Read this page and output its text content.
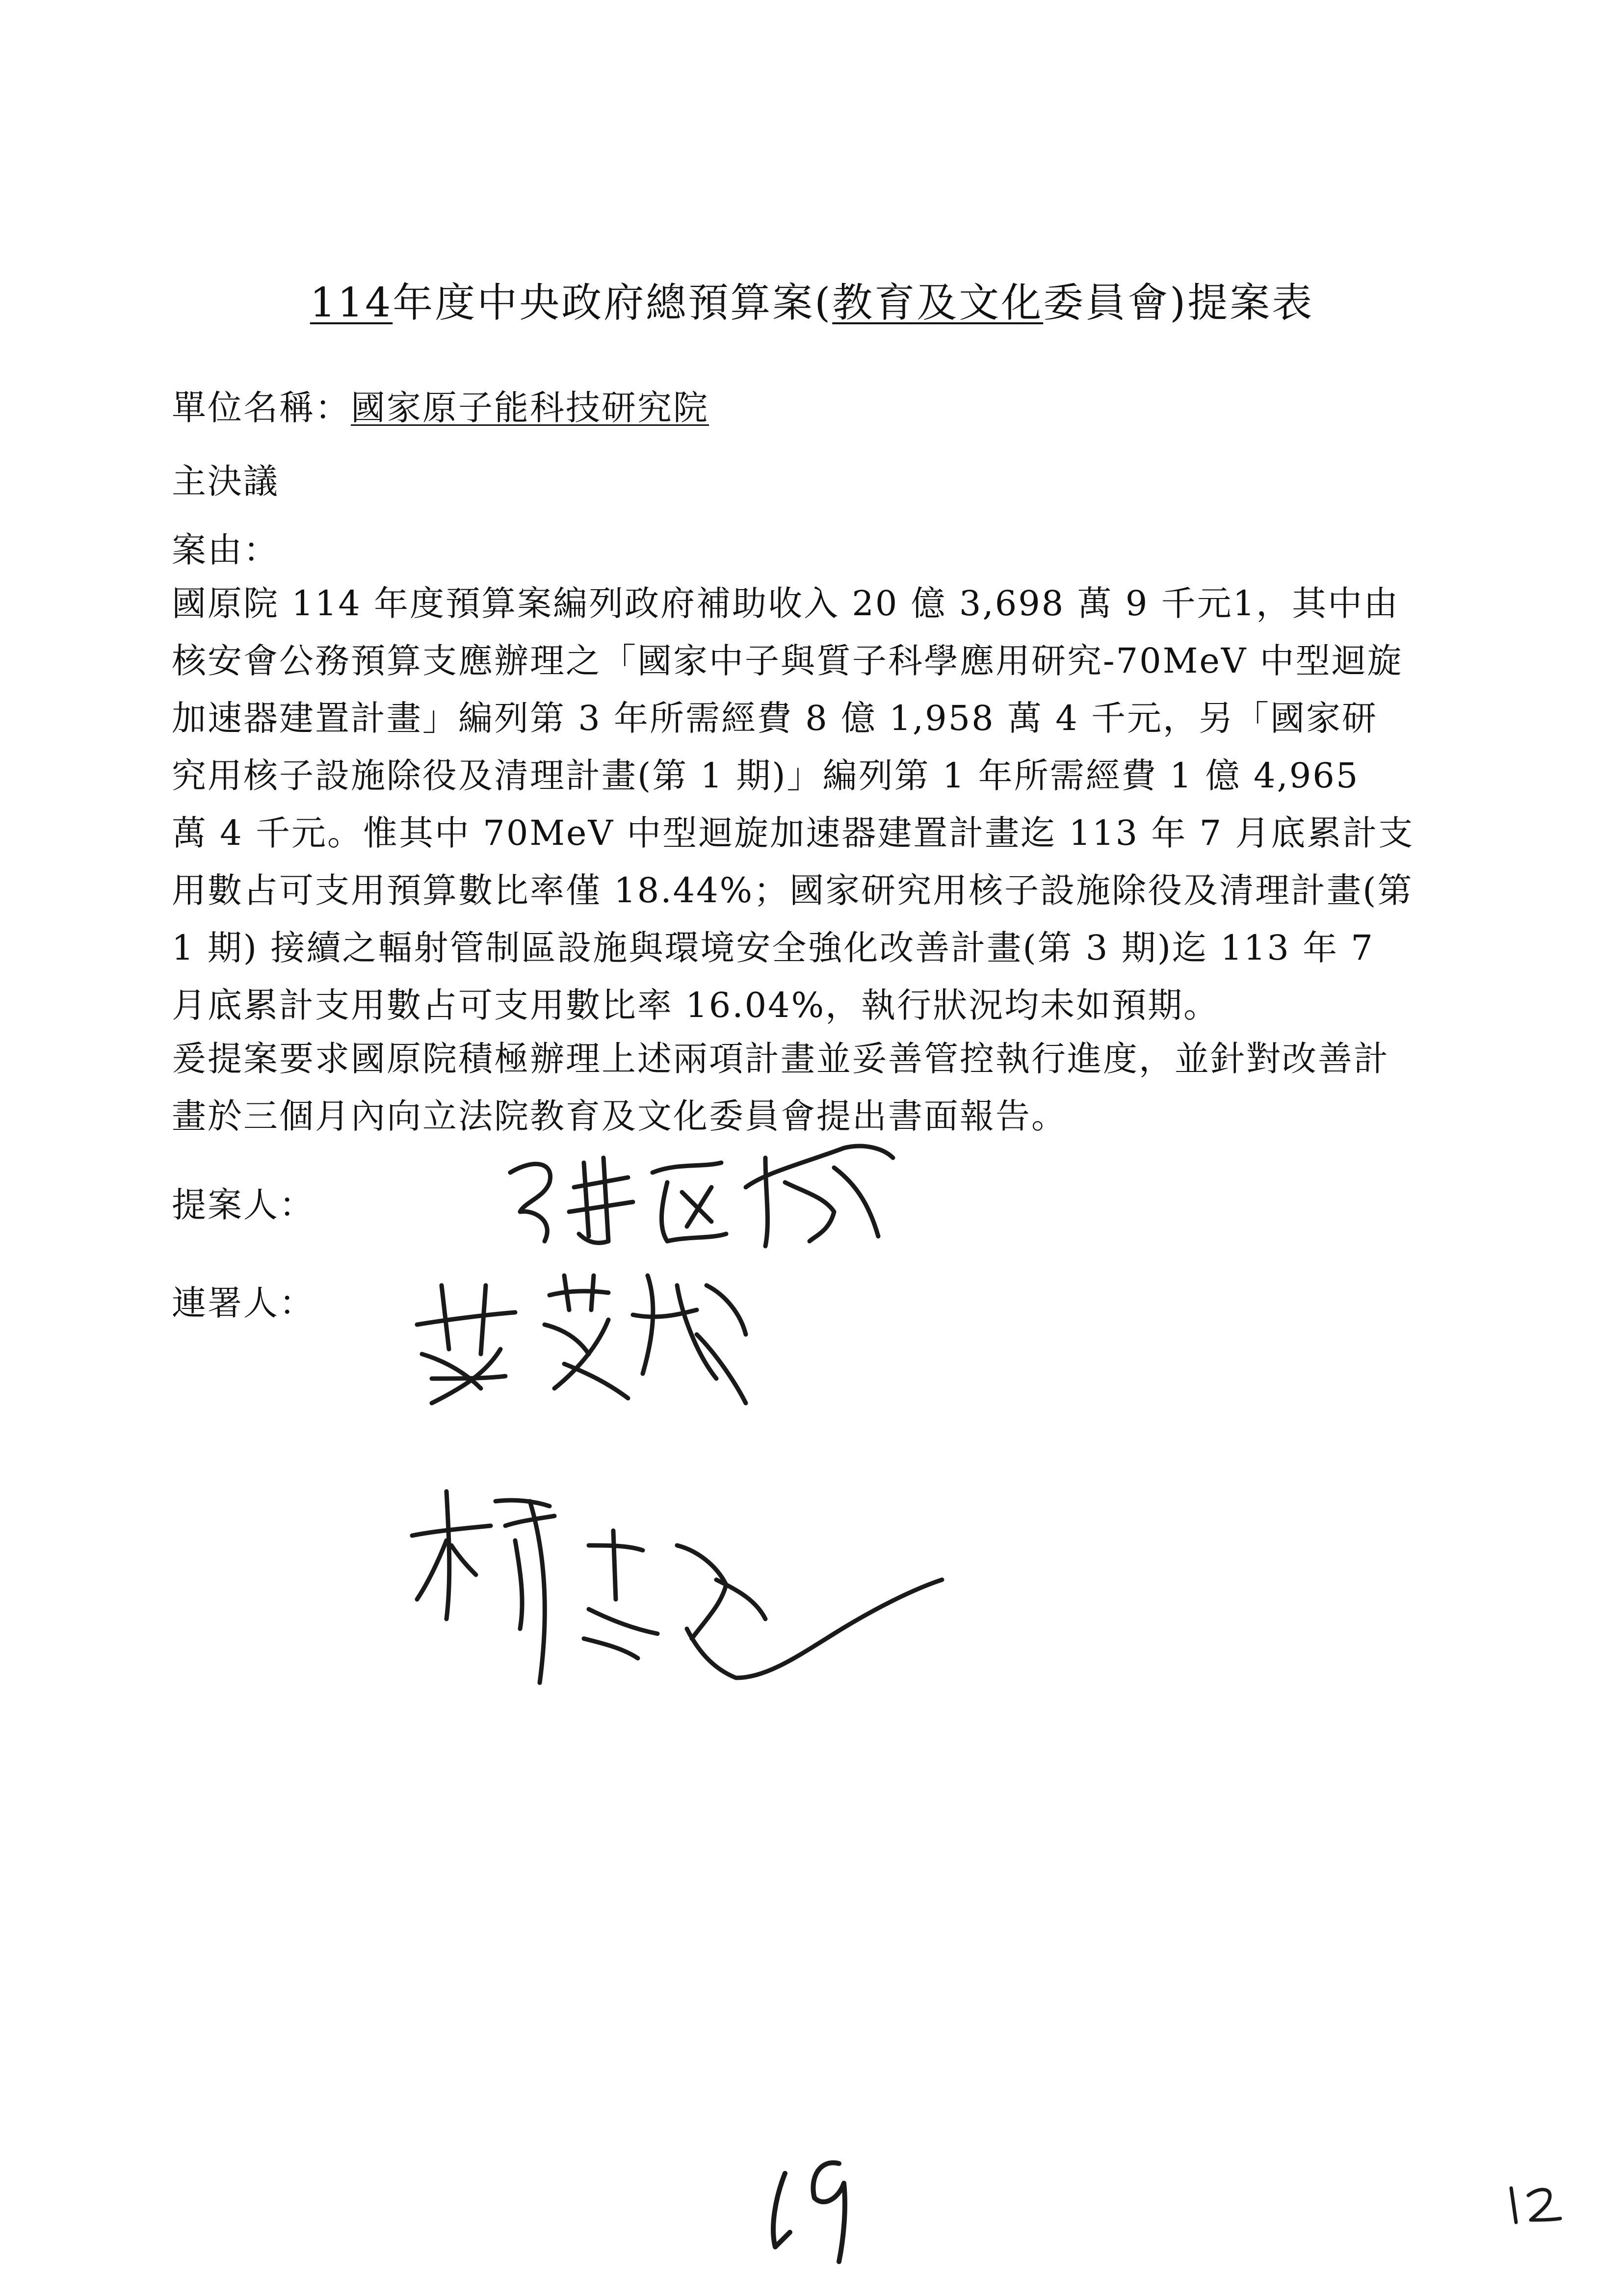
114年度中央政府總預算案(教育及文化委員會)提案表
單位名稱：國家原子能科技研究院
主決議
案由：

國原院 114 年度預算案編列政府補助收入 20 億 3,698 萬 9 千元1，其中由

核安會公務預算支應辦理之「國家中子與質子科學應用研究-70MeV 中型迴旋

加速器建置計畫」編列第 3 年所需經費 8 億 1,958 萬 4 千元，另「國家研

究用核子設施除役及清理計畫(第 1 期)」編列第 1 年所需經費 1 億 4,965

萬 4 千元。惟其中 70MeV 中型迴旋加速器建置計畫迄 113 年 7 月底累計支

用數占可支用預算數比率僅 18.44%；國家研究用核子設施除役及清理計畫(第

1 期) 接續之輻射管制區設施與環境安全強化改善計畫(第 3 期)迄 113 年 7

月底累計支用數占可支用數比率 16.04%，執行狀況均未如預期。

爰提案要求國原院積極辦理上述兩項計畫並妥善管控執行進度，並針對改善計

畫於三個月內向立法院教育及文化委員會提出書面報告。

提案人：
連署人：
